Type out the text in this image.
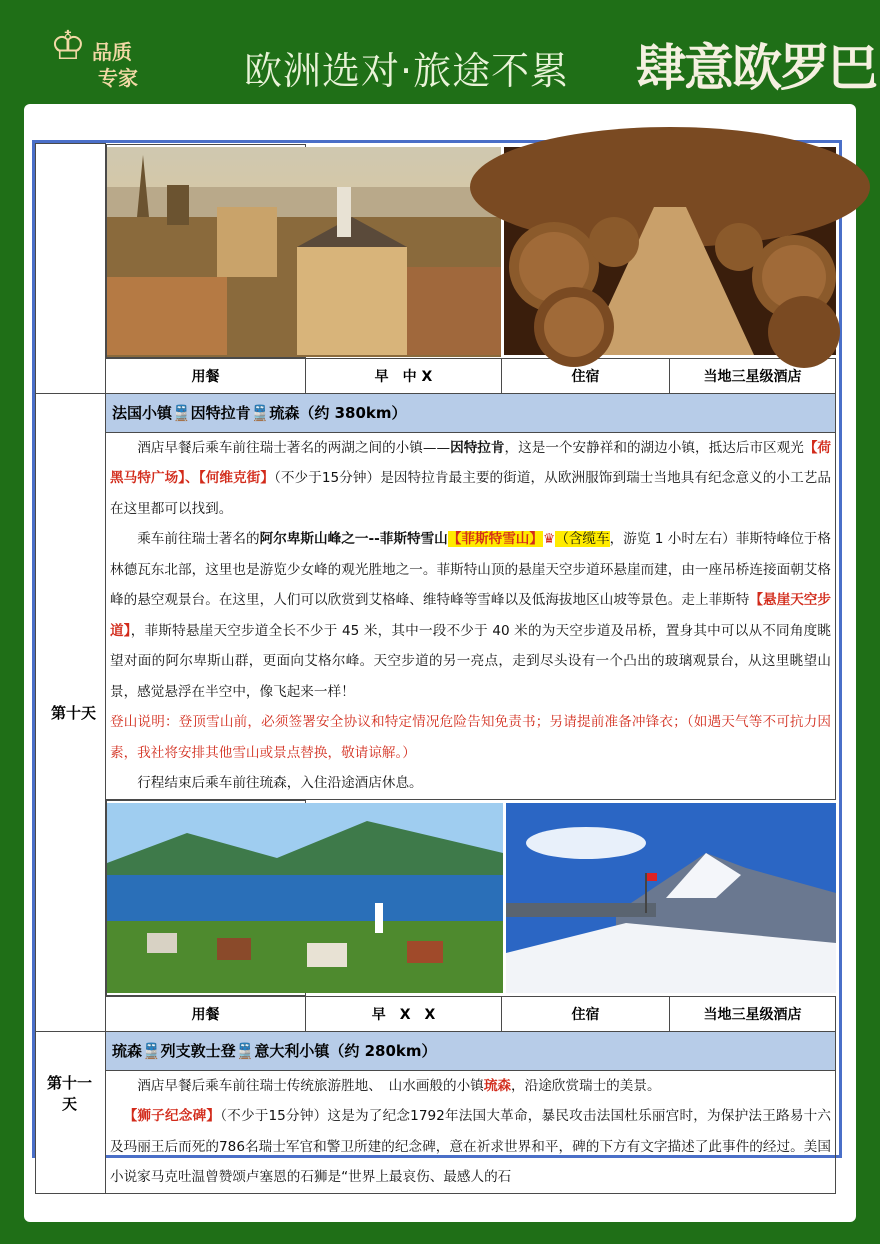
♔ 品质
专家	欧洲选对·旅途不累 肆意欧罗巴

	用餐	早　中 X	住宿	当地三星级酒店
第十天	法国小镇🚆因特拉肯🚆琉森（约 380km）			

	酒店早餐后乘车前往瑞士著名的两湖之间的小镇——因特拉肯，这是一个安静祥和的湖边小镇，抵达后市区观光【荷黑马特广场】、【何维克街】（不少于15分钟）是因特拉肯最主要的街道，从欧洲服饰到瑞士当地具有纪念意义的小工艺品在这里都可以找到。

乘车前往瑞士著名的阿尔卑斯山峰之一--菲斯特雪山【菲斯特雪山】♛（含缆车，游览 1 小时左右）菲斯特峰位于格林德瓦东北部，这里也是游览少女峰的观光胜地之一。菲斯特山顶的悬崖天空步道环悬崖而建，由一座吊桥连接面朝艾格峰的悬空观景台。在这里，人们可以欣赏到艾格峰、维特峰等雪峰以及低海拔地区山坡等景色。走上菲斯特【悬崖天空步道】，菲斯特悬崖天空步道全长不少于 45 米，其中一段不少于 40 米的为天空步道及吊桥，置身其中可以从不同角度眺望对面的阿尔卑斯山群，更面向艾格尔峰。天空步道的另一亮点，走到尽头设有一个凸出的玻璃观景台，从这里眺望山景，感觉悬浮在半空中，像飞起来一样！

登山说明：登顶雪山前，必须签署安全协议和特定情况危险告知免责书；另请提前准备冲锋衣；（如遇天气等不可抗力因素，我社将安排其他雪山或景点替换，敬请谅解。）

行程结束后乘车前往琉森，入住沿途酒店休息。			

	用餐	早　X　X	住宿	当地三星级酒店
第十一天	琉森🚆列支敦士登🚆意大利小镇（约 280km）			

	酒店早餐后乘车前往瑞士传统旅游胜地、　山水画般的小镇琉森，沿途欣赏瑞士的美景。

【狮子纪念碑】（不少于15分钟）这是为了纪念1792年法国大革命，暴民攻击法国杜乐丽宫时，为保护法王路易十六及玛丽王后而死的786名瑞士军官和警卫所建的纪念碑，意在祈求世界和平，碑的下方有文字描述了此事件的经过。美国小说家马克吐温曾赞颂卢塞恩的石狮是“世界上最哀伤、最感人的石			
